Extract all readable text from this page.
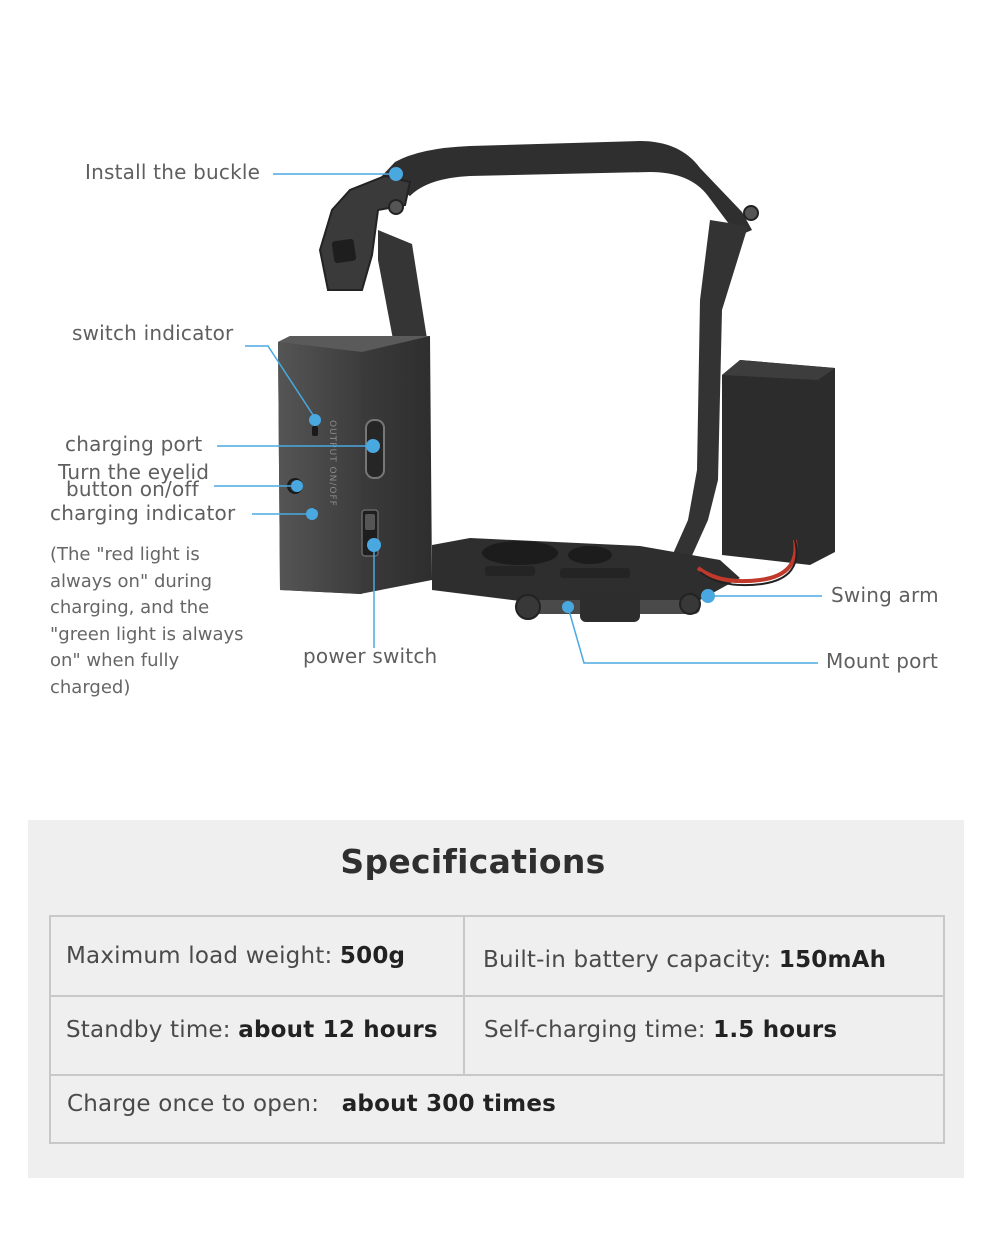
OUTPUT ON/OFF
Install the buckle
switch indicator
charging port
Turn the eyelid
button on/off
charging indicator
(The "red light is
always on" during
charging, and the
"green light is always
on" when fully
charged)
power switch
Swing arm
Mount port
Specifications
Maximum load weight: 500g	Built-in battery capacity: 150mAh
Standby time: about 12 hours Self-charging time: 1.5 hours
Charge once to open: about 300 times
